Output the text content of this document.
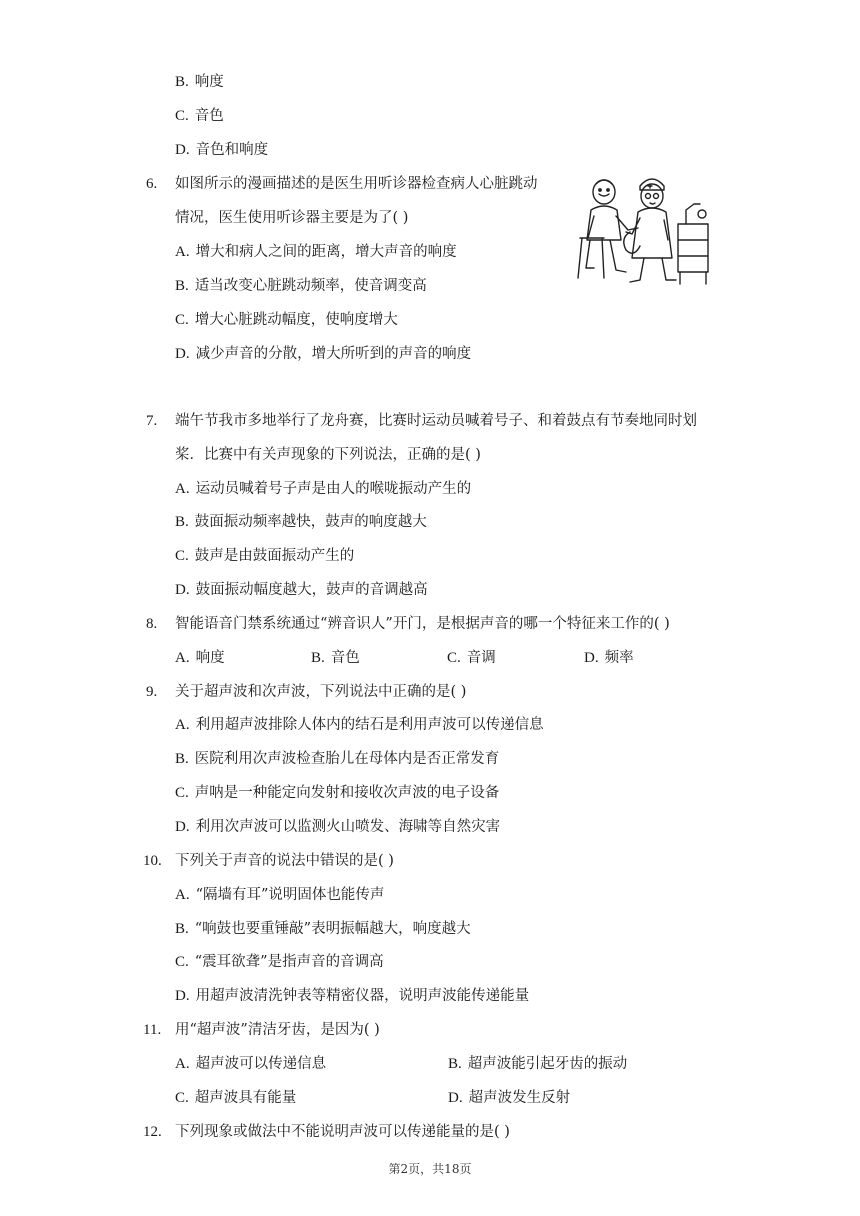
B. 响度
C. 音色
D. 音色和响度
6. 如图所示的漫画描述的是医生用听诊器检查病人心脏跳动
情况，医生使用听诊器主要是为了( )
A. 增大和病人之间的距离，增大声音的响度
B. 适当改变心脏跳动频率，使音调变高
C. 增大心脏跳动幅度，使响度增大
D. 减少声音的分散，增大所听到的声音的响度
7. 端午节我市多地举行了龙舟赛，比赛时运动员喊着号子、和着鼓点有节奏地同时划
桨．比赛中有关声现象的下列说法，正确的是( )
A. 运动员喊着号子声是由人的喉咙振动产生的
B. 鼓面振动频率越快，鼓声的响度越大
C. 鼓声是由鼓面振动产生的
D. 鼓面振动幅度越大，鼓声的音调越高
8. 智能语音门禁系统通过“辨音识人”开门，是根据声音的哪一个特征来工作的( )
A. 响度	B. 音色	C. 音调	D. 频率
9. 关于超声波和次声波，下列说法中正确的是( )
A. 利用超声波排除人体内的结石是利用声波可以传递信息
B. 医院利用次声波检查胎儿在母体内是否正常发育
C. 声呐是一种能定向发射和接收次声波的电子设备
D. 利用次声波可以监测火山喷发、海啸等自然灾害
10. 下列关于声音的说法中错误的是( )
A. “隔墙有耳”说明固体也能传声
B. “响鼓也要重锤敲”表明振幅越大，响度越大
C. “震耳欲聋”是指声音的音调高
D. 用超声波清洗钟表等精密仪器，说明声波能传递能量
11. 用“超声波”清洁牙齿，是因为( )
A. 超声波可以传递信息	B. 超声波能引起牙齿的振动
C. 超声波具有能量	D. 超声波发生反射
12. 下列现象或做法中不能说明声波可以传递能量的是( )
第2页，共18页
